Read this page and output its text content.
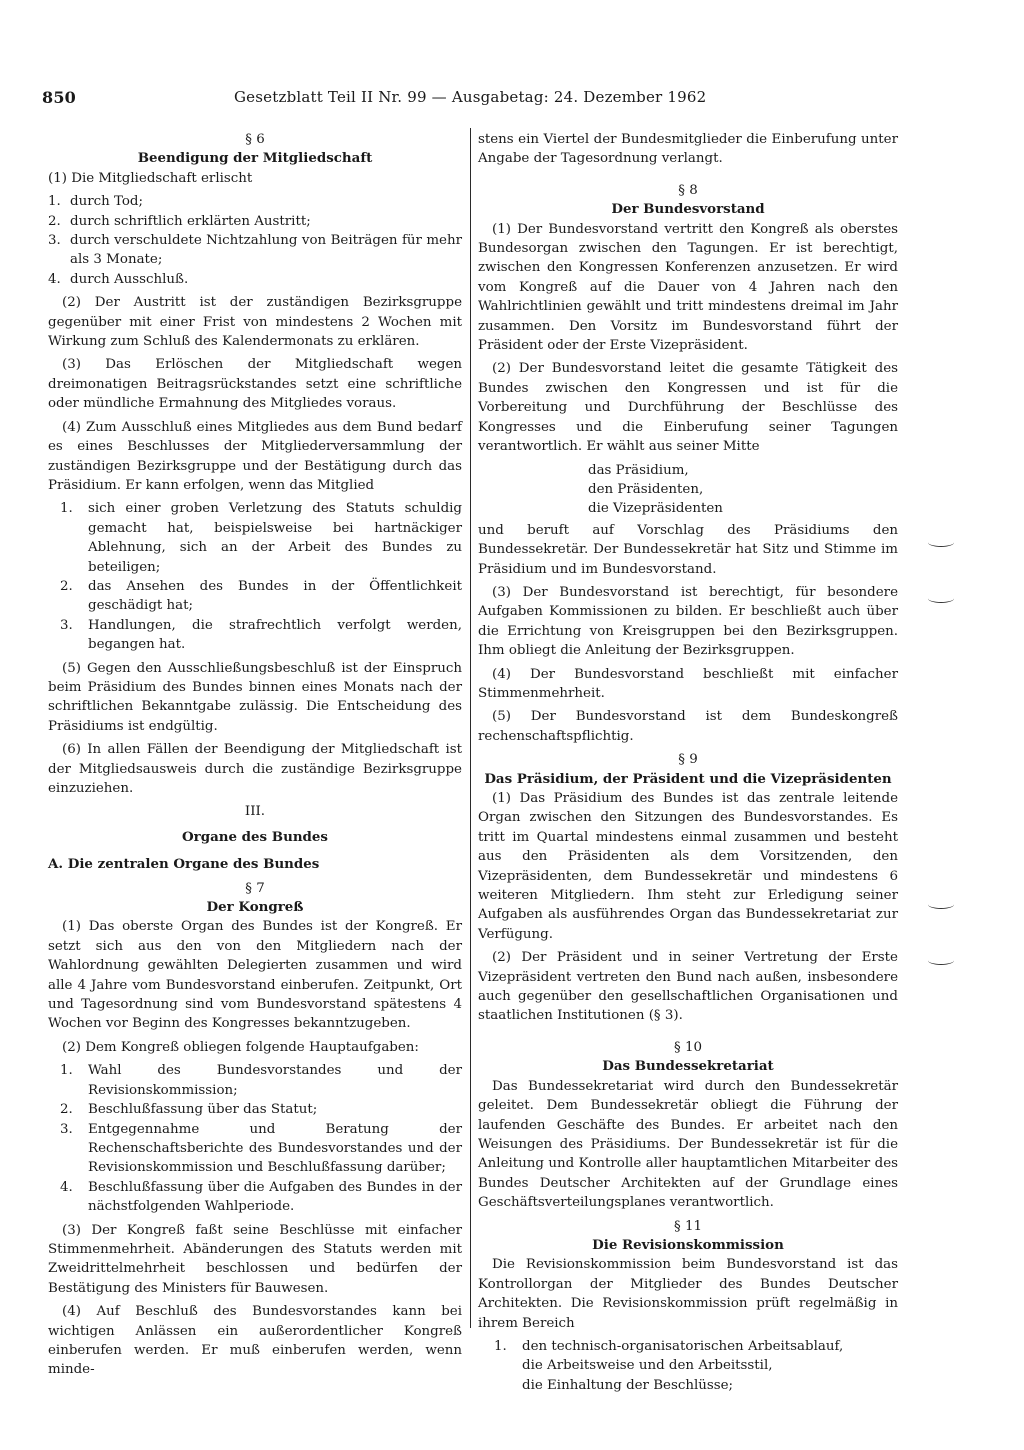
850	Gesetzblatt Teil II Nr. 99 — Ausgabetag: 24. Dezember 1962

§ 6

Beendigung der Mitgliedschaft

(1) Die Mitgliedschaft erlischt

1. durch Tod;
2. durch schriftlich erklärten Austritt;
3. durch verschuldete Nichtzahlung von Beiträgen für mehr als 3 Monate;
4. durch Ausschluß.

(2) Der Austritt ist der zuständigen Bezirksgruppe gegenüber mit einer Frist von mindestens 2 Wochen mit Wirkung zum Schluß des Kalendermonats zu erklären.

(3) Das Erlöschen der Mitgliedschaft wegen dreimonatigen Beitragsrückstandes setzt eine schriftliche oder mündliche Ermahnung des Mitgliedes voraus.

(4) Zum Ausschluß eines Mitgliedes aus dem Bund bedarf es eines Beschlusses der Mitgliederversammlung der zuständigen Bezirksgruppe und der Bestätigung durch das Präsidium. Er kann erfolgen, wenn das Mitglied

1.	sich einer groben Verletzung des Statuts schuldig gemacht hat, beispielsweise bei hartnäckiger Ablehnung, sich an der Arbeit des Bundes zu beteiligen;
2.	das Ansehen des Bundes in der Öffentlichkeit geschädigt hat;
3.	Handlungen, die strafrechtlich verfolgt werden, begangen hat.

(5) Gegen den Ausschließungsbeschluß ist der Einspruch beim Präsidium des Bundes binnen eines Monats nach der schriftlichen Bekanntgabe zulässig. Die Entscheidung des Präsidiums ist endgültig.

(6) In allen Fällen der Beendigung der Mitgliedschaft ist der Mitgliedsausweis durch die zuständige Bezirksgruppe einzuziehen.

III.

Organe des Bundes

A. Die zentralen Organe des Bundes

§ 7

Der Kongreß

(1) Das oberste Organ des Bundes ist der Kongreß. Er setzt sich aus den von den Mitgliedern nach der Wahlordnung gewählten Delegierten zusammen und wird alle 4 Jahre vom Bundesvorstand einberufen. Zeitpunkt, Ort und Tagesordnung sind vom Bundesvorstand spätestens 4 Wochen vor Beginn des Kongresses bekanntzugeben.

(2) Dem Kongreß obliegen folgende Hauptaufgaben:

1.	Wahl des Bundesvorstandes und der Revisionskommission;
2.	Beschlußfassung über das Statut;
3.	Entgegennahme und Beratung der Rechenschaftsberichte des Bundesvorstandes und der Revisionskommission und Beschlußfassung darüber;
4.	Beschlußfassung über die Aufgaben des Bundes in der nächstfolgenden Wahlperiode.

(3) Der Kongreß faßt seine Beschlüsse mit einfacher Stimmenmehrheit. Abänderungen des Statuts werden mit Zweidrittelmehrheit beschlossen und bedürfen der Bestätigung des Ministers für Bauwesen.

(4) Auf Beschluß des Bundesvorstandes kann bei wichtigen Anlässen ein außerordentlicher Kongreß einberufen werden. Er muß einberufen werden, wenn minde-

stens ein Viertel der Bundesmitglieder die Einberufung unter Angabe der Tagesordnung verlangt.

§ 8

Der Bundesvorstand

(1) Der Bundesvorstand vertritt den Kongreß als oberstes Bundesorgan zwischen den Tagungen. Er ist berechtigt, zwischen den Kongressen Konferenzen anzusetzen. Er wird vom Kongreß auf die Dauer von 4 Jahren nach den Wahlrichtlinien gewählt und tritt mindestens dreimal im Jahr zusammen. Den Vorsitz im Bundesvorstand führt der Präsident oder der Erste Vizepräsident.

(2) Der Bundesvorstand leitet die gesamte Tätigkeit des Bundes zwischen den Kongressen und ist für die Vorbereitung und Durchführung der Beschlüsse des Kongresses und die Einberufung seiner Tagungen verantwortlich. Er wählt aus seiner Mitte

das Präsidium,
den Präsidenten,
die Vizepräsidenten

und beruft auf Vorschlag des Präsidiums den Bundessekretär. Der Bundessekretär hat Sitz und Stimme im Präsidium und im Bundesvorstand.

(3) Der Bundesvorstand ist berechtigt, für besondere Aufgaben Kommissionen zu bilden. Er beschließt auch über die Errichtung von Kreisgruppen bei den Bezirksgruppen. Ihm obliegt die Anleitung der Bezirksgruppen.

(4) Der Bundesvorstand beschließt mit einfacher Stimmenmehrheit.

(5) Der Bundesvorstand ist dem Bundeskongreß rechenschaftspflichtig.

§ 9

Das Präsidium, der Präsident und die Vizepräsidenten

(1) Das Präsidium des Bundes ist das zentrale leitende Organ zwischen den Sitzungen des Bundesvorstandes. Es tritt im Quartal mindestens einmal zusammen und besteht aus den Präsidenten als dem Vorsitzenden, den Vizepräsidenten, dem Bundessekretär und mindestens 6 weiteren Mitgliedern. Ihm steht zur Erledigung seiner Aufgaben als ausführendes Organ das Bundessekretariat zur Verfügung.

(2) Der Präsident und in seiner Vertretung der Erste Vizepräsident vertreten den Bund nach außen, insbesondere auch gegenüber den gesellschaftlichen Organisationen und staatlichen Institutionen (§ 3).

§ 10

Das Bundessekretariat

Das Bundessekretariat wird durch den Bundessekretär geleitet. Dem Bundessekretär obliegt die Führung der laufenden Geschäfte des Bundes. Er arbeitet nach den Weisungen des Präsidiums. Der Bundessekretär ist für die Anleitung und Kontrolle aller hauptamtlichen Mitarbeiter des Bundes Deutscher Architekten auf der Grundlage eines Geschäftsverteilungsplanes verantwortlich.

§ 11

Die Revisionskommission

Die Revisionskommission beim Bundesvorstand ist das Kontrollorgan der Mitglieder des Bundes Deutscher Architekten. Die Revisionskommission prüft regelmäßig in ihrem Bereich

1.	den technisch-organisatorischen Arbeitsablauf,
die Arbeitsweise und den Arbeitsstil,
die Einhaltung der Beschlüsse;
